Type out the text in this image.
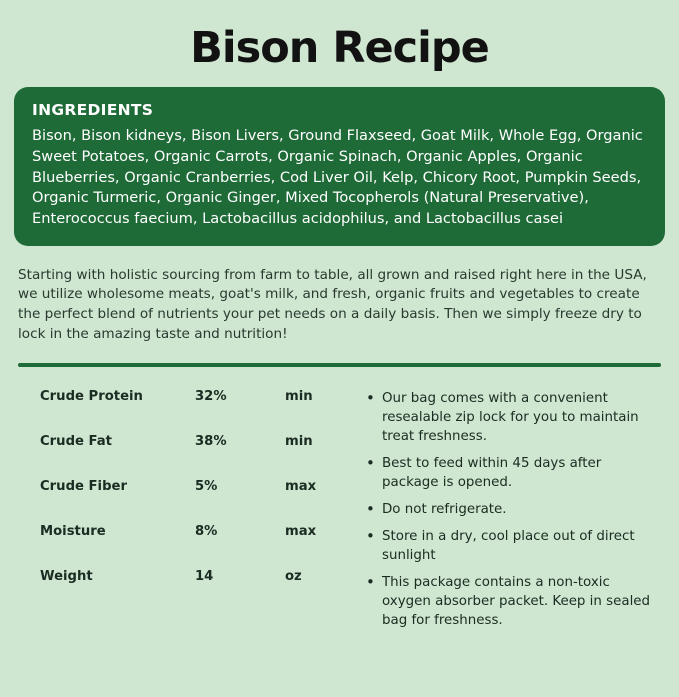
Bison Recipe
INGREDIENTS
Bison, Bison kidneys, Bison Livers, Ground Flaxseed, Goat Milk, Whole Egg, Organic Sweet Potatoes, Organic Carrots, Organic Spinach, Organic Apples, Organic Blueberries, Organic Cranberries, Cod Liver Oil, Kelp, Chicory Root, Pumpkin Seeds, Organic Turmeric, Organic Ginger, Mixed Tocopherols (Natural Preservative), Enterococcus faecium, Lactobacillus acidophilus, and Lactobacillus casei

Starting with holistic sourcing from farm to table, all grown and raised right here in the USA, we utilize wholesome meats, goat's milk, and fresh, organic fruits and vegetables to create the perfect blend of nutrients your pet needs on a daily basis. Then we simply freeze dry to lock in the amazing taste and nutrition!

Crude Protein	32%	min
Crude Fat	38%	min
Crude Fiber	5%	max
Moisture	8%	max
Weight	14	oz
• Our bag comes with a convenient resealable zip lock for you to maintain treat freshness.
• Best to feed within 45 days after package is opened.
• Do not refrigerate.
• Store in a dry, cool place out of direct sunlight
• This package contains a non-toxic oxygen absorber packet. Keep in sealed bag for freshness.
